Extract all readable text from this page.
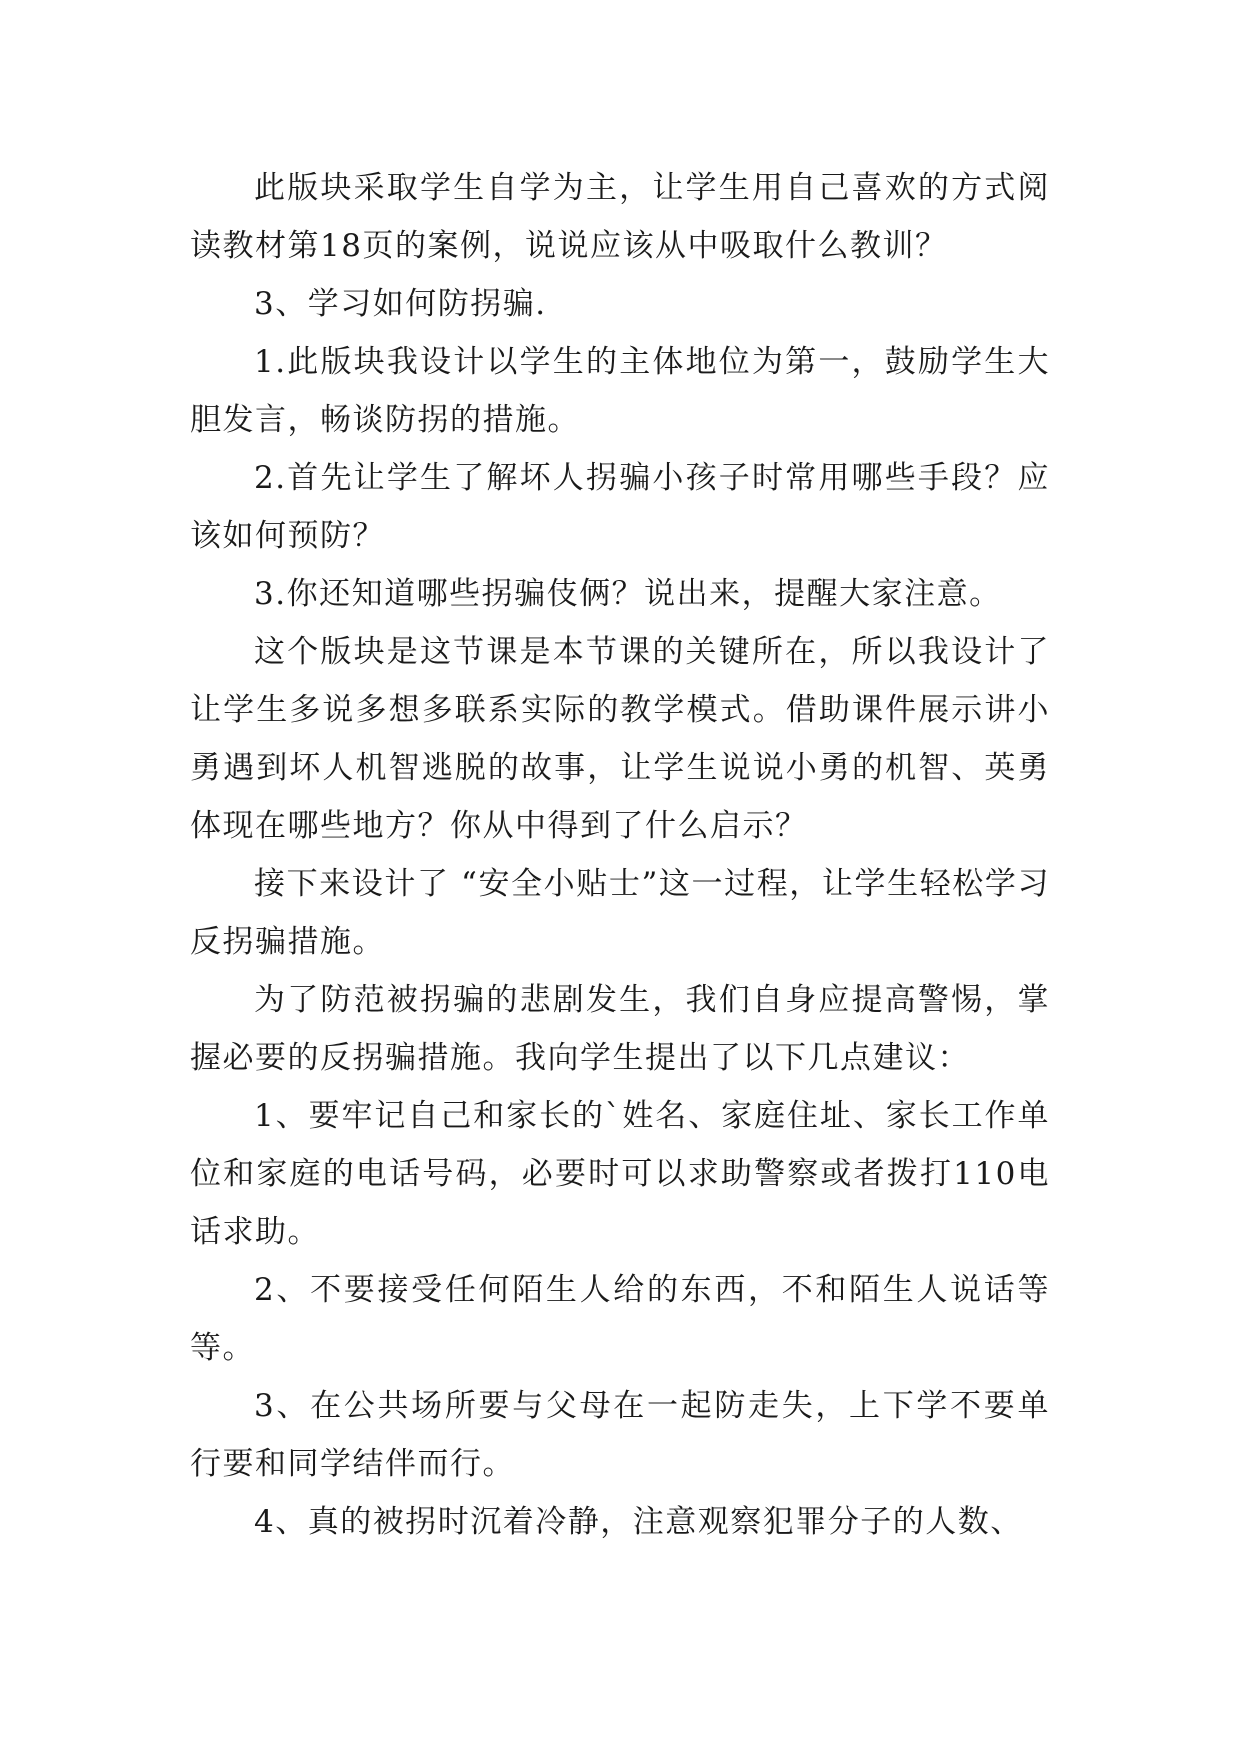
此版块采取学生自学为主，让学生用自己喜欢的方式阅读教材第18页的案例，说说应该从中吸取什么教训？

3、学习如何防拐骗.

1.此版块我设计以学生的主体地位为第一，鼓励学生大胆发言，畅谈防拐的措施。

2.首先让学生了解坏人拐骗小孩子时常用哪些手段？应该如何预防？

3.你还知道哪些拐骗伎俩？说出来，提醒大家注意。

这个版块是这节课是本节课的关键所在，所以我设计了让学生多说多想多联系实际的教学模式。借助课件展示讲小勇遇到坏人机智逃脱的故事，让学生说说小勇的机智、英勇体现在哪些地方？你从中得到了什么启示？

接下来设计了 “安全小贴士”这一过程，让学生轻松学习反拐骗措施。

为了防范被拐骗的悲剧发生，我们自身应提高警惕，掌握必要的反拐骗措施。我向学生提出了以下几点建议：

1、要牢记自己和家长的`姓名、家庭住址、家长工作单位和家庭的电话号码，必要时可以求助警察或者拨打110电话求助。

2、不要接受任何陌生人给的东西，不和陌生人说话等等。

3、在公共场所要与父母在一起防走失，上下学不要单行要和同学结伴而行。

4、真的被拐时沉着冷静，注意观察犯罪分子的人数、
